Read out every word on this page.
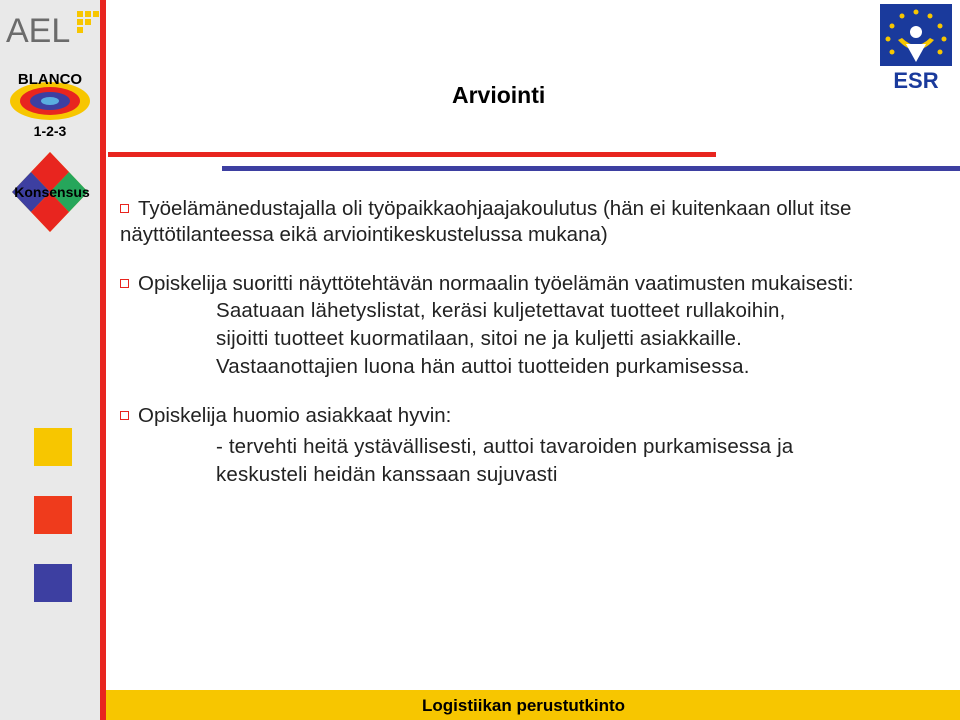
AEL
BLANCO
1-2-3
Konsensus
ESR
Arviointi

Työelämänedustajalla oli työpaikkaohjaajakoulutus (hän ei kuitenkaan ollut itse näyttötilanteessa eikä arviointikeskustelussa mukana)

Opiskelija suoritti näyttötehtävän normaalin työelämän vaatimusten mukaisesti:

Saatuaan lähetyslistat, keräsi kuljetettavat tuotteet rullakoihin, sijoitti tuotteet kuormatilaan, sitoi ne ja kuljetti asiakkaille. Vastaanottajien luona hän auttoi tuotteiden purkamisessa.

Opiskelija huomio asiakkaat hyvin:

- tervehti heitä ystävällisesti, auttoi tavaroiden purkamisessa ja keskusteli heidän kanssaan sujuvasti

Logistiikan perustutkinto
